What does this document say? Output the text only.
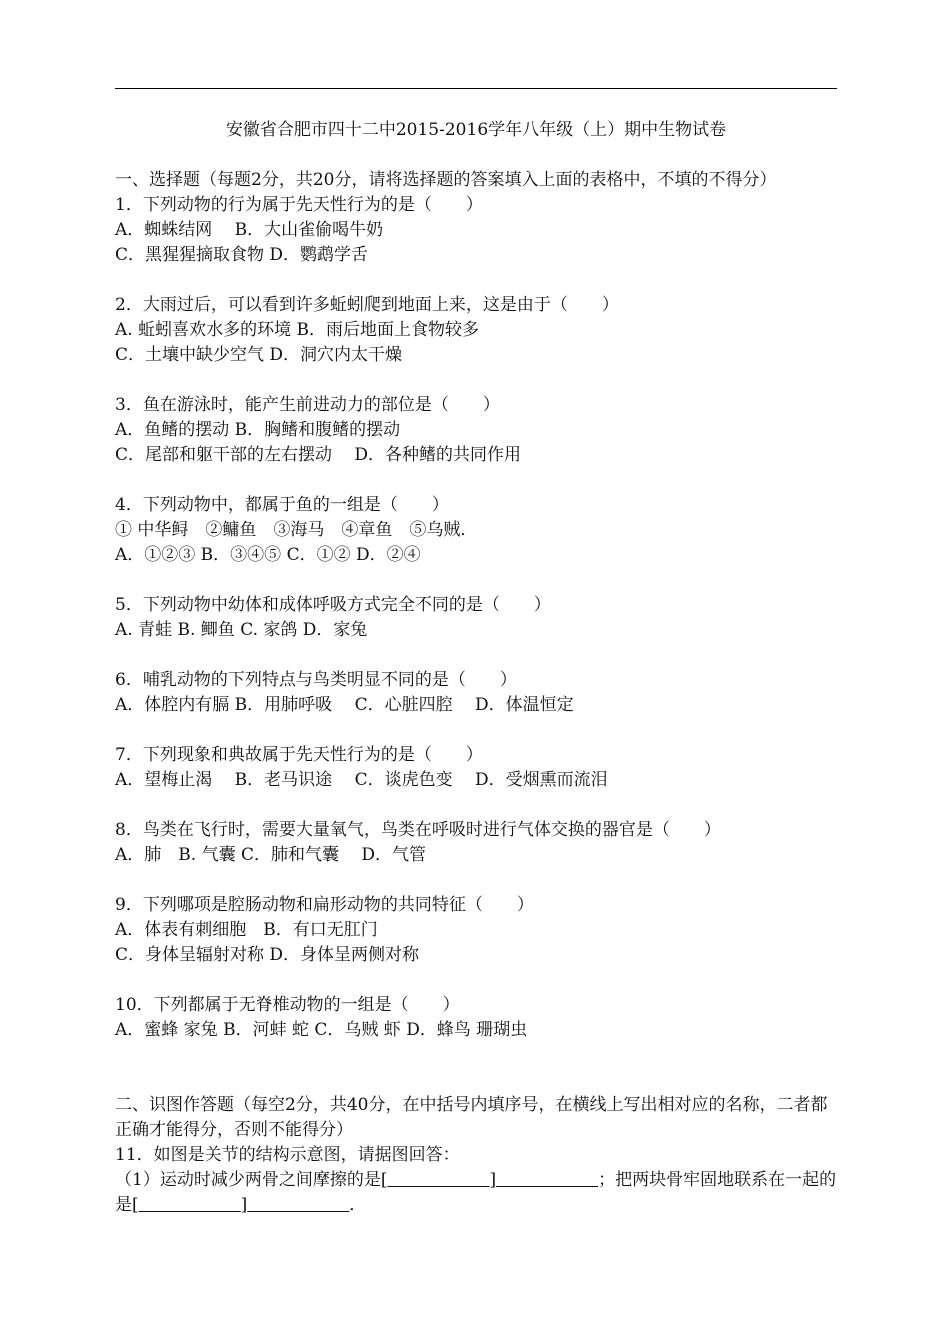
安徽省合肥市四十二中2015-2016学年八年级（上）期中生物试卷
一、选择题（每题2分，共20分，请将选择题的答案填入上面的表格中，不填的不得分）
1．下列动物的行为属于先天性行为的是（　　）
A．蜘蛛结网　 B．大山雀偷喝牛奶
C．黑猩猩摘取食物 D．鹦鹉学舌
2．大雨过后，可以看到许多蚯蚓爬到地面上来，这是由于（　　）
A. 蚯蚓喜欢水多的环境 B．雨后地面上食物较多
C．土壤中缺少空气 D．洞穴内太干燥
3．鱼在游泳时，能产生前进动力的部位是（　　）
A．鱼鳍的摆动 B．胸鳍和腹鳍的摆动
C．尾部和躯干部的左右摆动　 D．各种鳍的共同作用
4．下列动物中，都属于鱼的一组是（　　）
① 中华鲟　②鳙鱼　③海马　④章鱼　⑤乌贼．
A．①②③ B．③④⑤ C．①② D．②④
5．下列动物中幼体和成体呼吸方式完全不同的是（　　）
A. 青蛙 B. 鲫鱼 C. 家鸽 D．家兔
6．哺乳动物的下列特点与鸟类明显不同的是（　　）
A．体腔内有膈 B．用肺呼吸　 C．心脏四腔　 D．体温恒定
7．下列现象和典故属于先天性行为的是（　　）
A．望梅止渴　 B．老马识途　 C．谈虎色变　 D．受烟熏而流泪
8．鸟类在飞行时，需要大量氧气，鸟类在呼吸时进行气体交换的器官是（　　）
A．肺　B. 气囊 C．肺和气囊　 D．气管
9．下列哪项是腔肠动物和扁形动物的共同特征（　　）
A．体表有刺细胞　B．有口无肛门
C．身体呈辐射对称 D．身体呈两侧对称
10．下列都属于无脊椎动物的一组是（　　）
A．蜜蜂 家兔 B．河蚌 蛇 C．乌贼 虾 D．蜂鸟 珊瑚虫
二、识图作答题（每空2分，共40分，在中括号内填序号，在横线上写出相对应的名称，二者都正确才能得分，否则不能得分）
11．如图是关节的结构示意图，请据图回答：
（1）运动时减少两骨之间摩擦的是[　　　　　　	]　　　　　　	；把两块骨牢固地联系在一起的是[　　　　　　	]　　　　　　	．
